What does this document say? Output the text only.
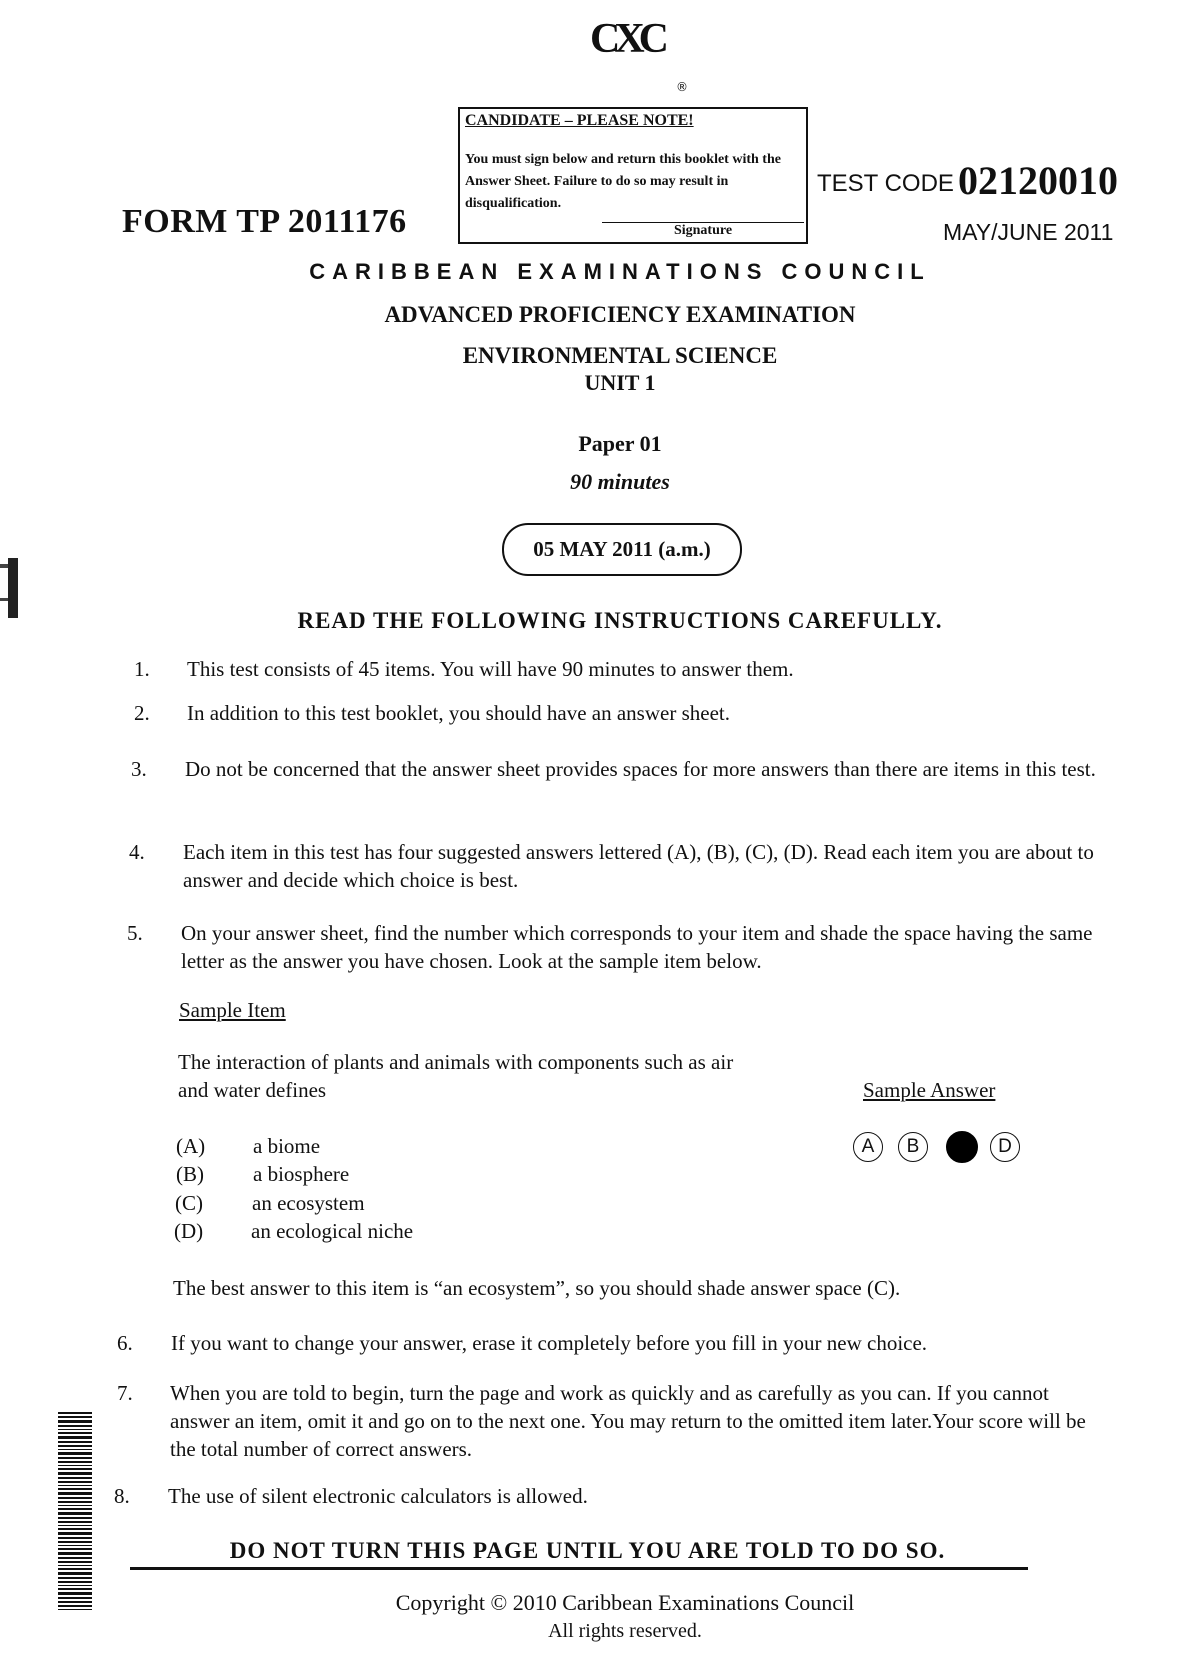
CXC
®
CANDIDATE – PLEASE NOTE!
You must sign below and return this booklet with the Answer Sheet. Failure to do so may result in disqualification.
Signature
FORM TP 2011176
TEST CODE 02120010
MAY/JUNE 2011
CARIBBEAN EXAMINATIONS COUNCIL
ADVANCED PROFICIENCY EXAMINATION
ENVIRONMENTAL SCIENCE
UNIT 1
Paper 01
90 minutes
05 MAY 2011 (a.m.)
READ THE FOLLOWING INSTRUCTIONS CAREFULLY.
1. This test consists of 45 items. You will have 90 minutes to answer them.
2. In addition to this test booklet, you should have an answer sheet.
3. Do not be concerned that the answer sheet provides spaces for more answers than there are items in this test.
4. Each item in this test has four suggested answers lettered (A), (B), (C), (D). Read each item you are about to answer and decide which choice is best.
5. On your answer sheet, find the number which corresponds to your item and shade the space having the same letter as the answer you have chosen. Look at the sample item below.
Sample Item
The interaction of plants and animals with components such as air and water defines	Sample Answer
(A) a biome
(B) a biosphere
(C) an ecosystem
(D) an ecological niche
A	B	D
The best answer to this item is “an ecosystem”, so you should shade answer space (C).
6. If you want to change your answer, erase it completely before you fill in your new choice.
7. When you are told to begin, turn the page and work as quickly and as carefully as you can. If you cannot answer an item, omit it and go on to the next one. You may return to the omitted item later.Your score will be the total number of correct answers.
8. The use of silent electronic calculators is allowed.
DO NOT TURN THIS PAGE UNTIL YOU ARE TOLD TO DO SO.
Copyright © 2010 Caribbean Examinations Council
All rights reserved.
